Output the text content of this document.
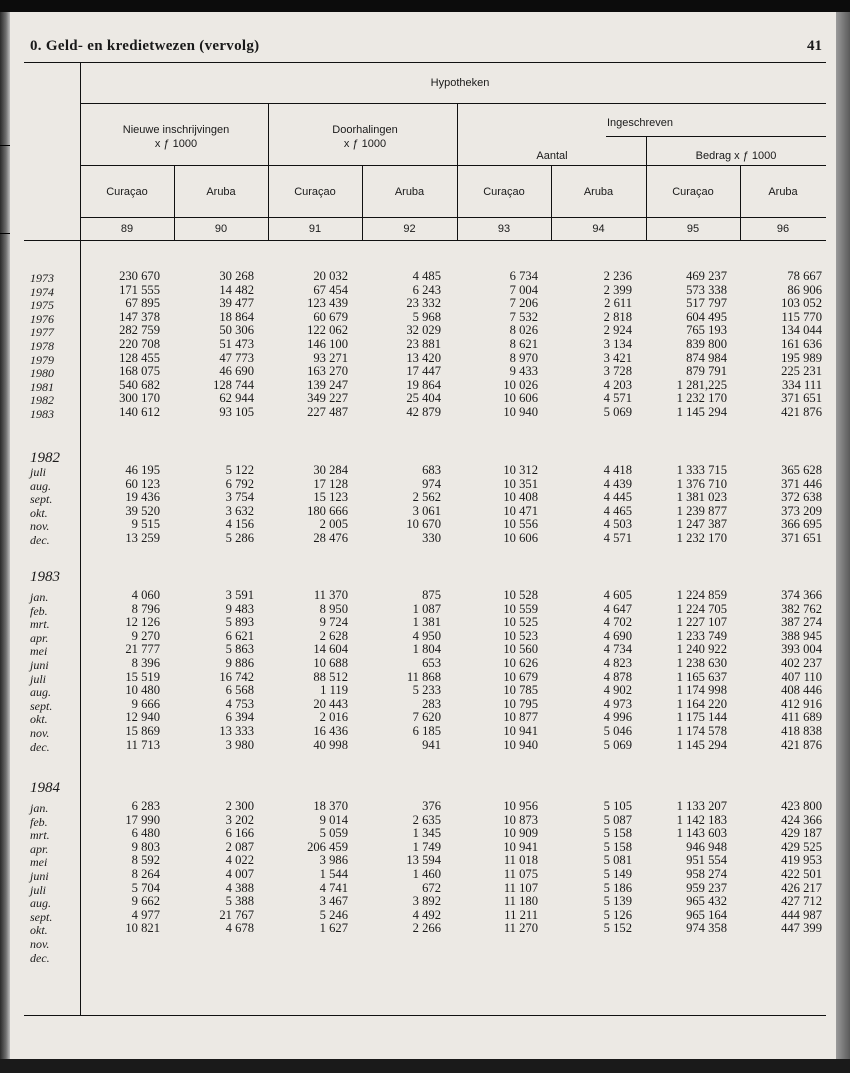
0. Geld- en kredietwezen (vervolg)	41
Hypotheken
Nieuwe inschrijvingen
x ƒ 1000
Doorhalingen
x ƒ 1000
Ingeschreven
Aantal	Bedrag x ƒ 1000
Curaçao	Aruba	Curaçao	Aruba	Curaçao	Aruba	Curaçao	Aruba
89	90	91	92	93	94	95	96
1973	230 670	30 268	20 032	4 485	6 734	2 236	469 237	78 667
1974	171 555	14 482	67 454	6 243	7 004	2 399	573 338	86 906
1975	67 895	39 477	123 439	23 332	7 206	2 611	517 797	103 052
1976	147 378	18 864	60 679	5 968	7 532	2 818	604 495	115 770
1977	282 759	50 306	122 062	32 029	8 026	2 924	765 193	134 044
1978	220 708	51 473	146 100	23 881	8 621	3 134	839 800	161 636
1979	128 455	47 773	93 271	13 420	8 970	3 421	874 984	195 989
1980	168 075	46 690	163 270	17 447	9 433	3 728	879 791	225 231
1981	540 682	128 744	139 247	19 864	10 026	4 203	1 281,225	334 111
1982	300 170	62 944	349 227	25 404	10 606	4 571	1 232 170	371 651
1983	140 612	93 105	227 487	42 879	10 940	5 069	1 145 294	421 876
1982
juli	46 195	5 122	30 284	683	10 312	4 418	1 333 715	365 628
aug.	60 123	6 792	17 128	974	10 351	4 439	1 376 710	371 446
sept.	19 436	3 754	15 123	2 562	10 408	4 445	1 381 023	372 638
okt.	39 520	3 632	180 666	3 061	10 471	4 465	1 239 877	373 209
nov.	9 515	4 156	2 005	10 670	10 556	4 503	1 247 387	366 695
dec.	13 259	5 286	28 476	330	10 606	4 571	1 232 170	371 651
1983
jan.	4 060	3 591	11 370	875	10 528	4 605	1 224 859	374 366
feb.	8 796	9 483	8 950	1 087	10 559	4 647	1 224 705	382 762
mrt.	12 126	5 893	9 724	1 381	10 525	4 702	1 227 107	387 274
apr.	9 270	6 621	2 628	4 950	10 523	4 690	1 233 749	388 945
mei	21 777	5 863	14 604	1 804	10 560	4 734	1 240 922	393 004
juni	8 396	9 886	10 688	653	10 626	4 823	1 238 630	402 237
juli	15 519	16 742	88 512	11 868	10 679	4 878	1 165 637	407 110
aug.	10 480	6 568	1 119	5 233	10 785	4 902	1 174 998	408 446
sept.	9 666	4 753	20 443	283	10 795	4 973	1 164 220	412 916
okt.	12 940	6 394	2 016	7 620	10 877	4 996	1 175 144	411 689
nov.	15 869	13 333	16 436	6 185	10 941	5 046	1 174 578	418 838
dec.	11 713	3 980	40 998	941	10 940	5 069	1 145 294	421 876
1984
jan.	6 283	2 300	18 370	376	10 956	5 105	1 133 207	423 800
feb.	17 990	3 202	9 014	2 635	10 873	5 087	1 142 183	424 366
mrt.	6 480	6 166	5 059	1 345	10 909	5 158	1 143 603	429 187
apr.	9 803	2 087	206 459	1 749	10 941	5 158	946 948	429 525
mei	8 592	4 022	3 986	13 594	11 018	5 081	951 554	419 953
juni	8 264	4 007	1 544	1 460	11 075	5 149	958 274	422 501
juli	5 704	4 388	4 741	672	11 107	5 186	959 237	426 217
aug.	9 662	5 388	3 467	3 892	11 180	5 139	965 432	427 712
sept.	4 977	21 767	5 246	4 492	11 211	5 126	965 164	444 987
okt.	10 821	4 678	1 627	2 266	11 270	5 152	974 358	447 399
nov.
dec.
